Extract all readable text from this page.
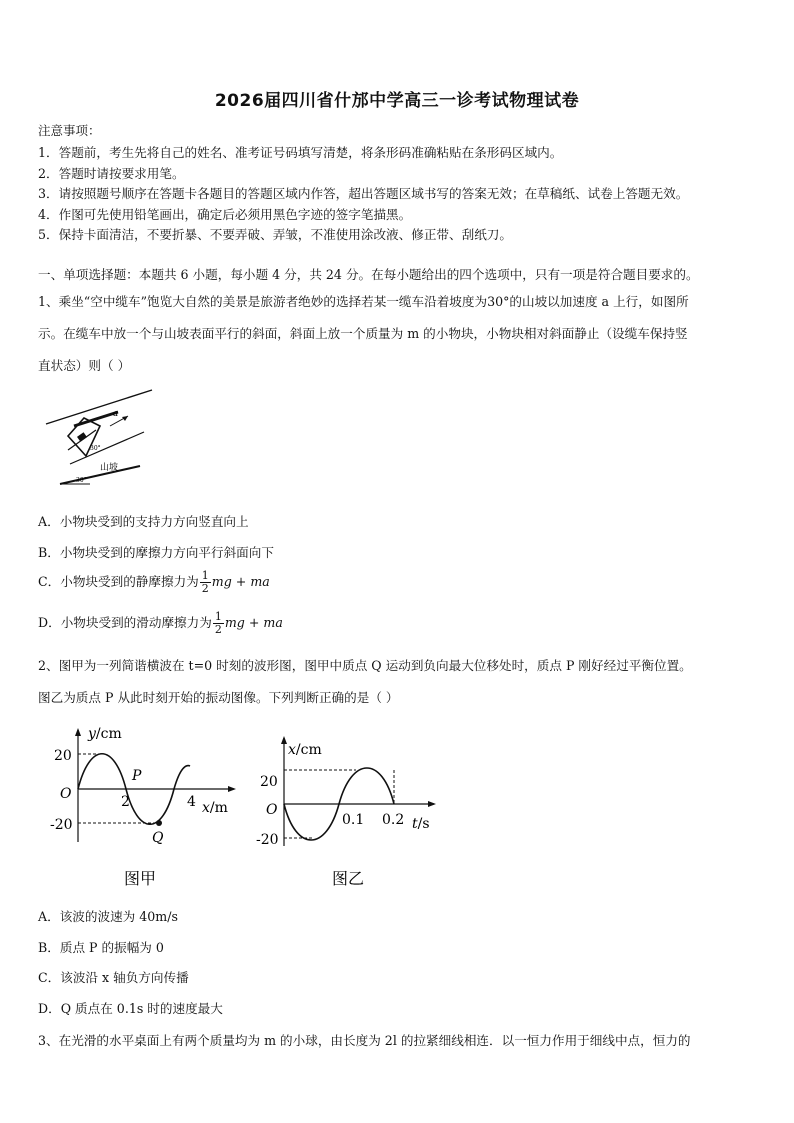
2026届四川省什邡中学高三一诊考试物理试卷
注意事项：
1．答题前，考生先将自己的姓名、准考证号码填写清楚，将条形码准确粘贴在条形码区域内。
2．答题时请按要求用笔。
3．请按照题号顺序在答题卡各题目的答题区域内作答，超出答题区域书写的答案无效；在草稿纸、试卷上答题无效。
4．作图可先使用铅笔画出，确定后必须用黑色字迹的签字笔描黑。
5．保持卡面清洁，不要折暴、不要弄破、弄皱，不准使用涂改液、修正带、刮纸刀。
一、单项选择题：本题共 6 小题，每小题 4 分，共 24 分。在每小题给出的四个选项中，只有一项是符合题目要求的。
1、乘坐“空中缆车”饱览大自然的美景是旅游者绝妙的选择若某一缆车沿着坡度为30°的山坡以加速度 a 上行，如图所
示。在缆车中放一个与山坡表面平行的斜面，斜面上放一个质量为 m 的小物块，小物块相对斜面静止（设缆车保持竖
直状态）则（ ）
a
30°
山坡
30°
A．小物块受到的支持力方向竖直向上
B．小物块受到的摩擦力方向平行斜面向下
C．小物块受到的静摩擦力为 $\frac{1}{2}$ mg + ma
D．小物块受到的滑动摩擦力为 $\frac{1}{2}$ mg + ma
2、图甲为一列简谐横波在 t=0 时刻的波形图，图甲中质点 Q 运动到负向最大位移处时，质点 P 刚好经过平衡位置。
图乙为质点 P 从此时刻开始的振动图像。下列判断正确的是（ ）
y/cm
20
-20
O	2	4 x/m
P
Q
图甲
x/cm
20
-20
O
0.1 0.2 t/s
图乙
A．该波的波速为 40m/s
B．质点 P 的振幅为 0
C．该波沿 x 轴负方向传播
D．Q 质点在 0.1s 时的速度最大
3、在光滑的水平桌面上有两个质量均为 m 的小球，由长度为 2l 的拉紧细线相连．以一恒力作用于细线中点，恒力的
